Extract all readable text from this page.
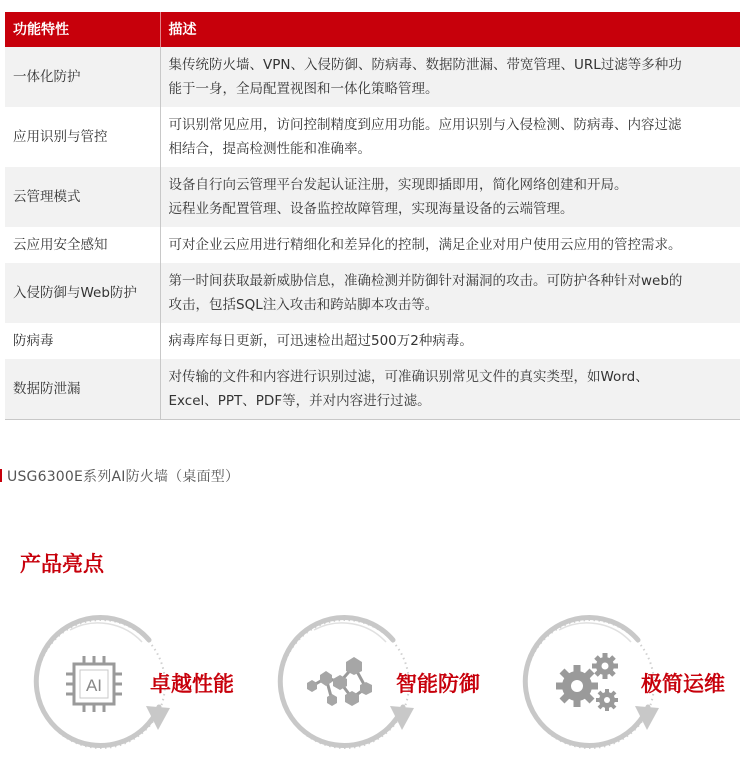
功能特性	描述
一体化防护	集传统防火墙、VPN、入侵防御、防病毒、数据防泄漏、带宽管理、URL过滤等多种功
能于一身，全局配置视图和一体化策略管理。

应用识别与管控	可识别常见应用，访问控制精度到应用功能。应用识别与入侵检测、防病毒、内容过滤
相结合，提高检测性能和准确率。

云管理模式	设备自行向云管理平台发起认证注册，实现即插即用，简化网络创建和开局。
远程业务配置管理、设备监控故障管理，实现海量设备的云端管理。

云应用安全感知	可对企业云应用进行精细化和差异化的控制，满足企业对用户使用云应用的管控需求。

入侵防御与Web防护	第一时间获取最新威胁信息，准确检测并防御针对漏洞的攻击。可防护各种针对web的
攻击，包括SQL注入攻击和跨站脚本攻击等。

防病毒	病毒库每日更新，可迅速检出超过500万2种病毒。

数据防泄漏	对传输的文件和内容进行识别过滤，可准确识别常见文件的真实类型，如Word、
Excel、PPT、PDF等，并对内容进行过滤。
USG6300E系列AI防火墙（桌面型）
产品亮点
AI 卓越性能	智能防御	极简运维
